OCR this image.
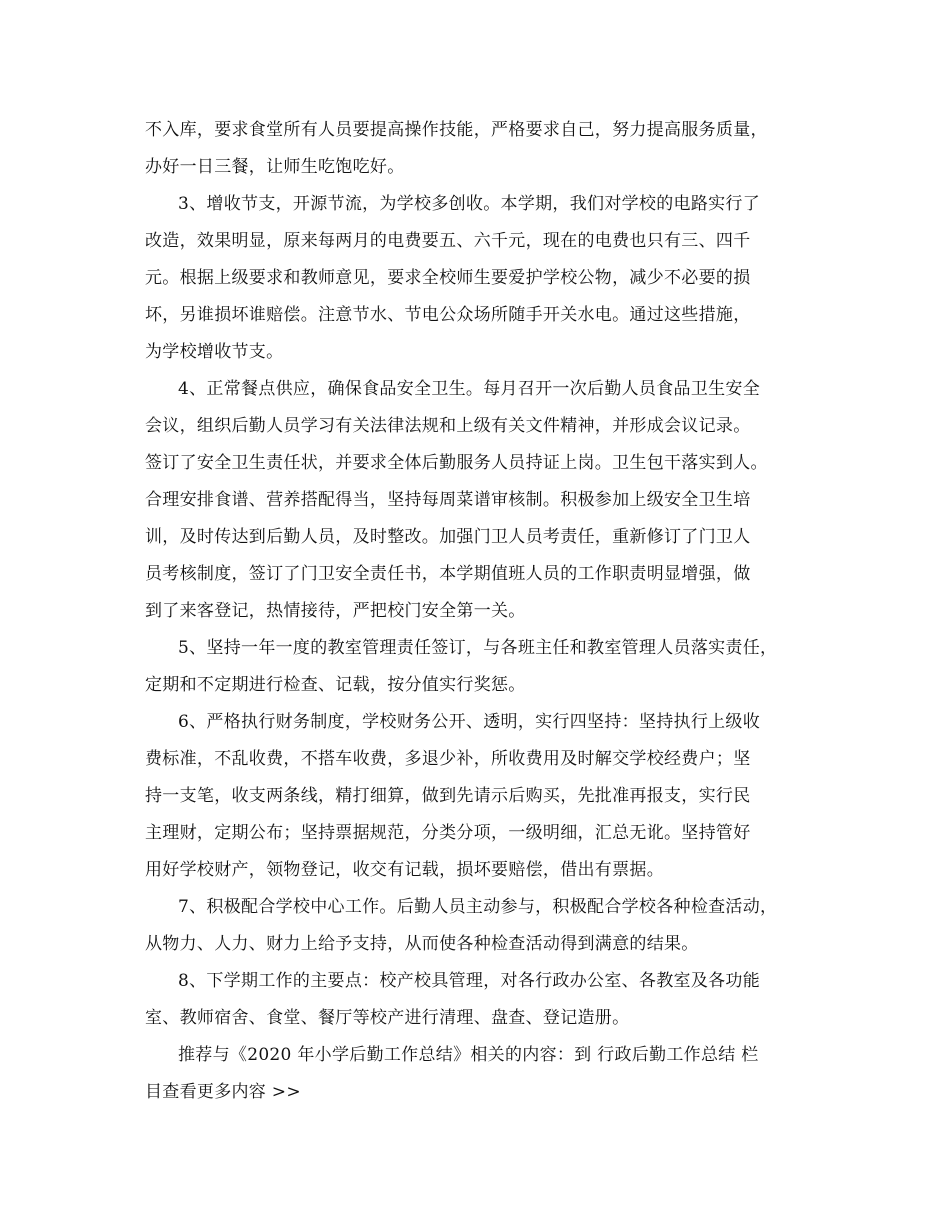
不入库，要求食堂所有人员要提高操作技能，严格要求自己，努力提高服务质量，
办好一日三餐，让师生吃饱吃好。
3、增收节支，开源节流，为学校多创收。本学期，我们对学校的电路实行了
改造，效果明显，原来每两月的电费要五、六千元，现在的电费也只有三、四千
元。根据上级要求和教师意见，要求全校师生要爱护学校公物，减少不必要的损
坏，另谁损坏谁赔偿。注意节水、节电公众场所随手开关水电。通过这些措施，
为学校增收节支。
4、正常餐点供应，确保食品安全卫生。每月召开一次后勤人员食品卫生安全
会议，组织后勤人员学习有关法律法规和上级有关文件精神，并形成会议记录。
签订了安全卫生责任状，并要求全体后勤服务人员持证上岗。卫生包干落实到人。
合理安排食谱、营养搭配得当，坚持每周菜谱审核制。积极参加上级安全卫生培
训，及时传达到后勤人员，及时整改。加强门卫人员考责任，重新修订了门卫人
员考核制度，签订了门卫安全责任书，本学期值班人员的工作职责明显增强，做
到了来客登记，热情接待，严把校门安全第一关。
5、坚持一年一度的教室管理责任签订，与各班主任和教室管理人员落实责任，
定期和不定期进行检查、记载，按分值实行奖惩。
6、严格执行财务制度，学校财务公开、透明，实行四坚持：坚持执行上级收
费标准，不乱收费，不搭车收费，多退少补，所收费用及时解交学校经费户；坚
持一支笔，收支两条线，精打细算，做到先请示后购买，先批准再报支，实行民
主理财，定期公布；坚持票据规范，分类分项，一级明细，汇总无讹。坚持管好
用好学校财产，领物登记，收交有记载，损坏要赔偿，借出有票据。
7、积极配合学校中心工作。后勤人员主动参与，积极配合学校各种检查活动，
从物力、人力、财力上给予支持，从而使各种检查活动得到满意的结果。
8、下学期工作的主要点：校产校具管理，对各行政办公室、各教室及各功能
室、教师宿舍、食堂、餐厅等校产进行清理、盘查、登记造册。
推荐与《2020 年小学后勤工作总结》相关的内容：到 行政后勤工作总结 栏
目查看更多内容 >>
